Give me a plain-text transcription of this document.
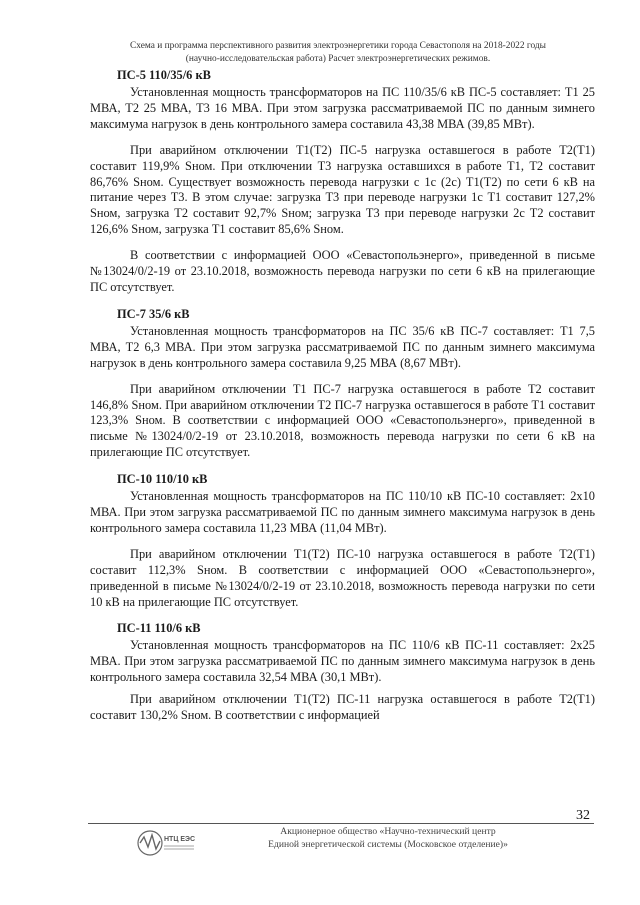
Схема и программа перспективного развития электроэнергетики города Севастополя на 2018-2022 годы
(научно-исследовательская работа) Расчет электроэнергетических режимов.
ПС-5 110/35/6 кВ

Установленная мощность трансформаторов на ПС 110/35/6 кВ ПС-5 составляет: Т1 25 МВА, Т2 25 МВА, Т3 16 МВА. При этом загрузка рассматриваемой ПС по данным зимнего максимума нагрузок в день контрольного замера составила 43,38 МВА (39,85 МВт).

При аварийном отключении Т1(Т2) ПС-5 нагрузка оставшегося в работе Т2(Т1) составит 119,9% Sном. При отключении Т3 нагрузка оставшихся в работе Т1, Т2 составит 86,76% Sном. Существует возможность перевода нагрузки с 1с (2с) Т1(Т2) по сети 6 кВ на питание через Т3. В этом случае: загрузка Т3 при переводе нагрузки 1с Т1 составит 127,2% Sном, загрузка Т2 составит 92,7% Sном; загрузка Т3 при переводе нагрузки 2с Т2 составит 126,6% Sном, загрузка Т1 составит 85,6% Sном.

В соответствии с информацией ООО «Севастопольэнерго», приведенной в письме №13024/0/2-19 от 23.10.2018, возможность перевода нагрузки по сети 6 кВ на прилегающие ПС отсутствует.

ПС-7 35/6 кВ

Установленная мощность трансформаторов на ПС 35/6 кВ ПС-7 составляет: Т1 7,5 МВА, Т2 6,3 МВА. При этом загрузка рассматриваемой ПС по данным зимнего максимума нагрузок в день контрольного замера составила 9,25 МВА (8,67 МВт).

При аварийном отключении Т1 ПС-7 нагрузка оставшегося в работе Т2 составит 146,8% Sном. При аварийном отключении Т2 ПС-7 нагрузка оставшегося в работе Т1 составит 123,3% Sном. В соответствии с информацией ООО «Севастопольэнерго», приведенной в письме №13024/0/2-19 от 23.10.2018, возможность перевода нагрузки по сети 6 кВ на прилегающие ПС отсутствует.

ПС-10 110/10 кВ

Установленная мощность трансформаторов на ПС 110/10 кВ ПС-10 составляет: 2х10 МВА. При этом загрузка рассматриваемой ПС по данным зимнего максимума нагрузок в день контрольного замера составила 11,23 МВА (11,04 МВт).

При аварийном отключении Т1(Т2) ПС-10 нагрузка оставшегося в работе Т2(Т1) составит 112,3% Sном. В соответствии с информацией ООО «Севастопольэнерго», приведенной в письме №13024/0/2-19 от 23.10.2018, возможность перевода нагрузки по сети 10 кВ на прилегающие ПС отсутствует.

ПС-11 110/6 кВ

Установленная мощность трансформаторов на ПС 110/6 кВ ПС-11 составляет: 2х25 МВА. При этом загрузка рассматриваемой ПС по данным зимнего максимума нагрузок в день контрольного замера составила 32,54 МВА (30,1 МВт).

При аварийном отключении Т1(Т2) ПС-11 нагрузка оставшегося в работе Т2(Т1) составит 130,2% Sном. В соответствии с информацией

32
НТЦ ЕЭС
Акционерное общество «Научно-технический центр
Единой энергетической системы (Московское отделение)»
